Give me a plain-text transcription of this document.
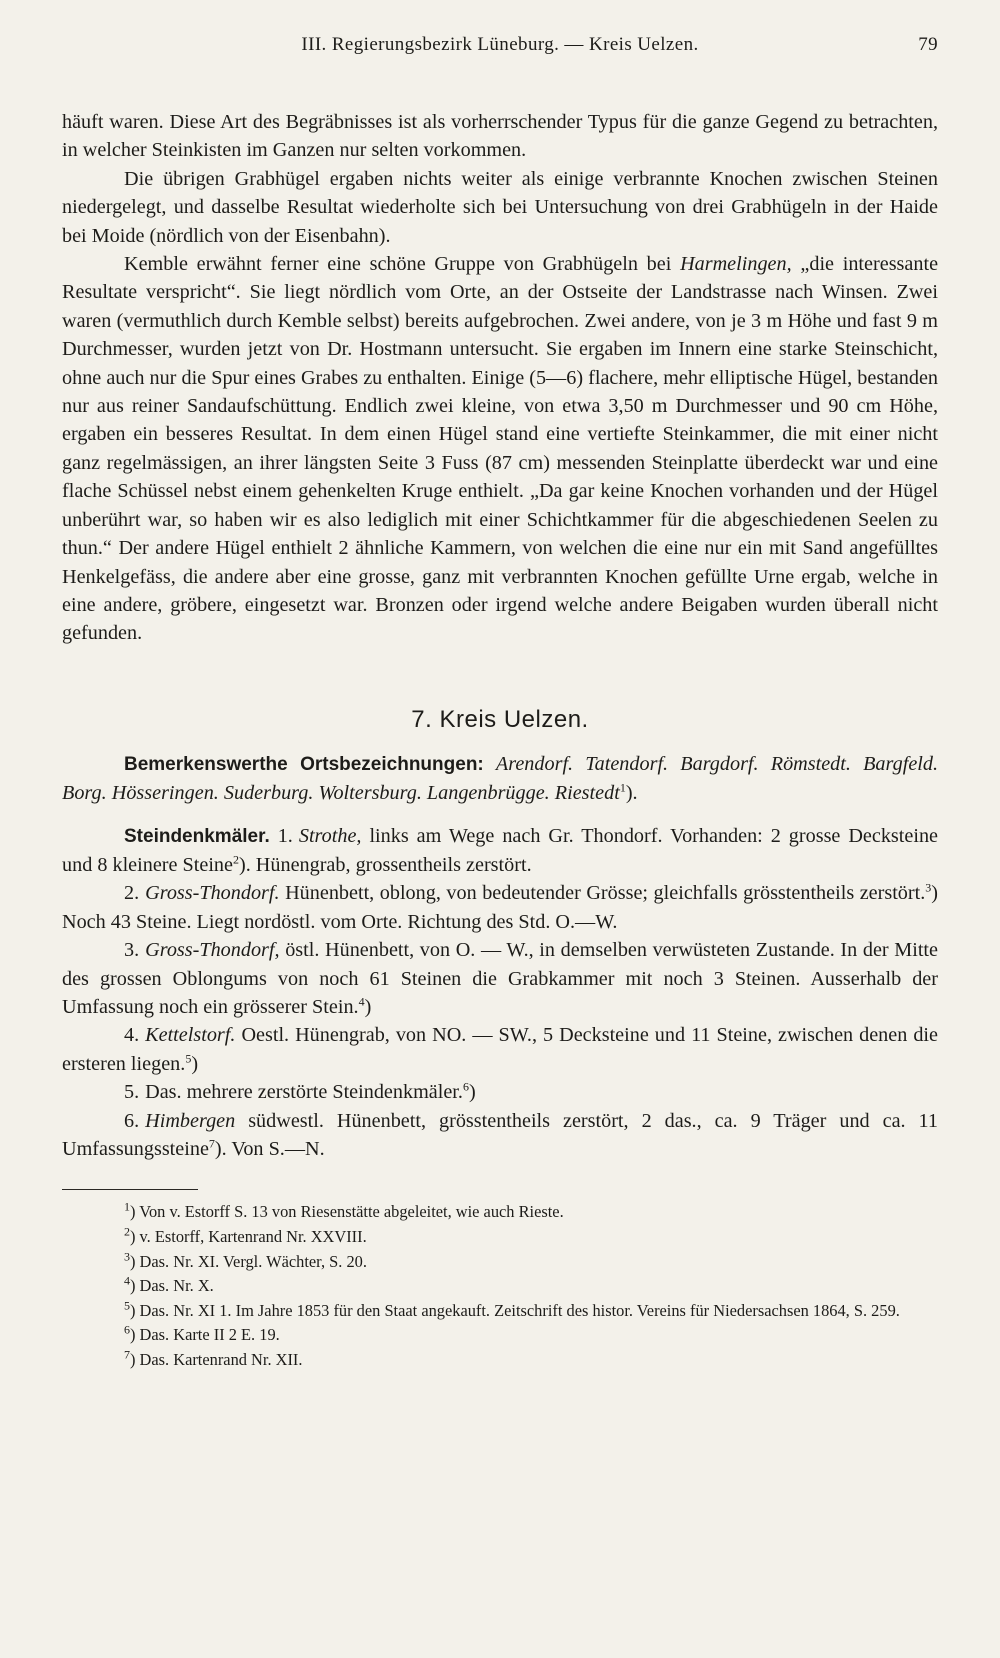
III. Regierungsbezirk Lüneburg. — Kreis Uelzen.	79

häuft waren. Diese Art des Begräbnisses ist als vorherrschender Typus für die ganze Gegend zu betrachten, in welcher Steinkisten im Ganzen nur selten vorkommen.

Die übrigen Grabhügel ergaben nichts weiter als einige verbrannte Knochen zwischen Steinen niedergelegt, und dasselbe Resultat wiederholte sich bei Untersuchung von drei Grabhügeln in der Haide bei Moide (nördlich von der Eisenbahn).

Kemble erwähnt ferner eine schöne Gruppe von Grabhügeln bei Harmelingen, „die interessante Resultate verspricht“. Sie liegt nördlich vom Orte, an der Ostseite der Landstrasse nach Winsen. Zwei waren (vermuthlich durch Kemble selbst) bereits aufgebrochen. Zwei andere, von je 3 m Höhe und fast 9 m Durchmesser, wurden jetzt von Dr. Hostmann untersucht. Sie ergaben im Innern eine starke Steinschicht, ohne auch nur die Spur eines Grabes zu enthalten. Einige (5—6) flachere, mehr elliptische Hügel, bestanden nur aus reiner Sandaufschüttung. Endlich zwei kleine, von etwa 3,50 m Durchmesser und 90 cm Höhe, ergaben ein besseres Resultat. In dem einen Hügel stand eine vertiefte Steinkammer, die mit einer nicht ganz regelmässigen, an ihrer längsten Seite 3 Fuss (87 cm) messenden Steinplatte überdeckt war und eine flache Schüssel nebst einem gehenkelten Kruge enthielt. „Da gar keine Knochen vorhanden und der Hügel unberührt war, so haben wir es also lediglich mit einer Schichtkammer für die abgeschiedenen Seelen zu thun.“ Der andere Hügel enthielt 2 ähnliche Kammern, von welchen die eine nur ein mit Sand angefülltes Henkelgefäss, die andere aber eine grosse, ganz mit verbrannten Knochen gefüllte Urne ergab, welche in eine andere, gröbere, eingesetzt war. Bronzen oder irgend welche andere Beigaben wurden überall nicht gefunden.

7. Kreis Uelzen.

Bemerkenswerthe Ortsbezeichnungen: Arendorf. Tatendorf. Bargdorf. Römstedt. Bargfeld. Borg. Hösseringen. Suderburg. Woltersburg. Langenbrügge. Riestedt$^1$).

Steindenkmäler. 1. Strothe, links am Wege nach Gr. Thondorf. Vorhanden: 2 grosse Decksteine und 8 kleinere Steine$^2$). Hünengrab, grossentheils zerstört.

2. Gross-Thondorf. Hünenbett, oblong, von bedeutender Grösse; gleichfalls grösstentheils zerstört.$^3$) Noch 43 Steine. Liegt nordöstl. vom Orte. Richtung des Std. O.—W.

3. Gross-Thondorf, östl. Hünenbett, von O. — W., in demselben verwüsteten Zustande. In der Mitte des grossen Oblongums von noch 61 Steinen die Grabkammer mit noch 3 Steinen. Ausserhalb der Umfassung noch ein grösserer Stein.$^4$)

4. Kettelstorf. Oestl. Hünengrab, von NO. — SW., 5 Decksteine und 11 Steine, zwischen denen die ersteren liegen.$^5$)

5. Das. mehrere zerstörte Steindenkmäler.$^6$)

6. Himbergen südwestl. Hünenbett, grösstentheils zerstört, 2 das., ca. 9 Träger und ca. 11 Umfassungssteine$^7$). Von S.—N.

$^1$) Von v. Estorff S. 13 von Riesenstätte abgeleitet, wie auch Rieste.

$^2$) v. Estorff, Kartenrand Nr. XXVIII.

$^3$) Das. Nr. XI. Vergl. Wächter, S. 20.

$^4$) Das. Nr. X.

$^5$) Das. Nr. XI 1. Im Jahre 1853 für den Staat angekauft. Zeitschrift des histor. Vereins für Niedersachsen 1864, S. 259.

$^6$) Das. Karte II 2 E. 19.

$^7$) Das. Kartenrand Nr. XII.
